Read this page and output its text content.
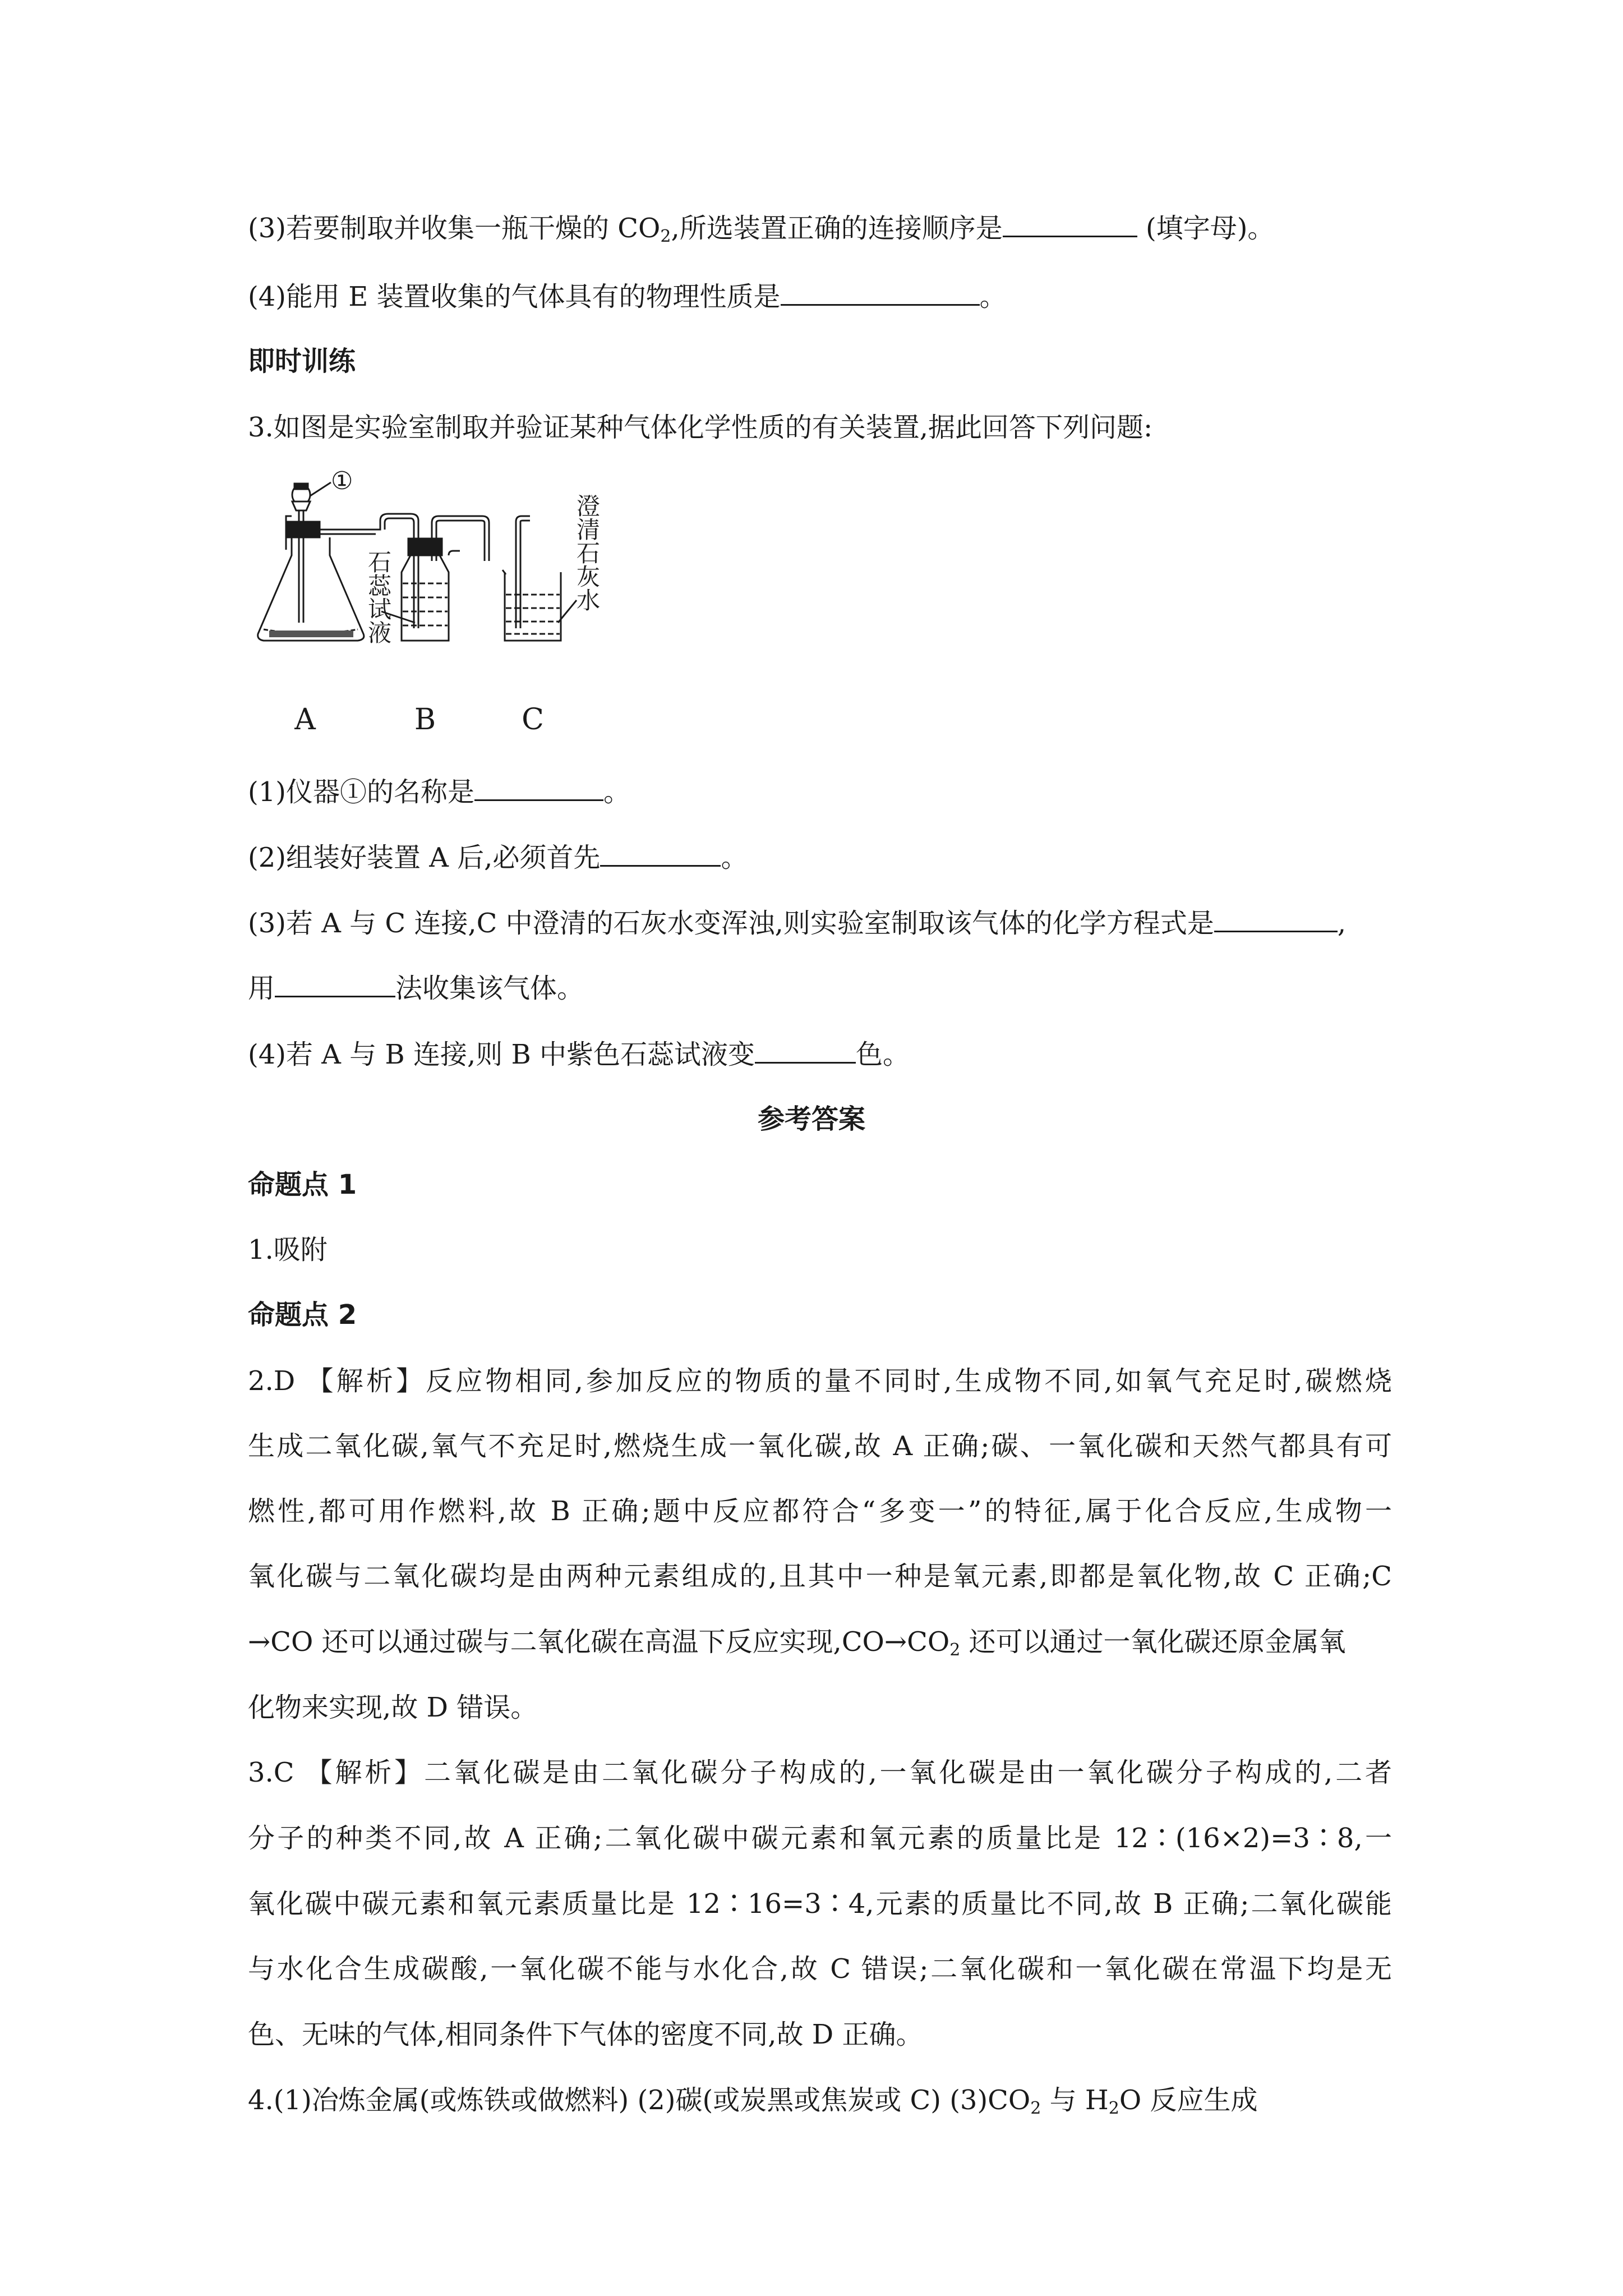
(3)若要制取并收集一瓶干燥的 $CO_2$,所选装置正确的连接顺序是	(填字母)。
(4)能用 E 装置收集的气体具有的物理性质是	。
即时训练
3.如图是实验室制取并验证某种气体化学性质的有关装置,据此回答下列问题:
①
A	B	C
石蕊试液	澄清石灰水
(1)仪器①的名称是	。
(2)组装好装置 A 后,必须首先	。
(3)若 A 与 C 连接,C 中澄清的石灰水变浑浊,则实验室制取该气体的化学方程式是	,
用	法收集该气体。
(4)若 A 与 B 连接,则 B 中紫色石蕊试液变	色。
参考答案
命题点 1
1.吸附
命题点 2
2.D 【解析】反应物相同,参加反应的物质的量不同时,生成物不同,如氧气充足时,碳燃烧
生成二氧化碳,氧气不充足时,燃烧生成一氧化碳,故 A 正确;碳、一氧化碳和天然气都具有可
燃性,都可用作燃料,故 B 正确;题中反应都符合“多变一”的特征,属于化合反应,生成物一
氧化碳与二氧化碳均是由两种元素组成的,且其中一种是氧元素,即都是氧化物,故 C 正确;C
→CO 还可以通过碳与二氧化碳在高温下反应实现$,CO\to CO_2$ 还可以通过一氧化碳还原金属氧
化物来实现,故 D 错误。
3.C 【解析】二氧化碳是由二氧化碳分子构成的,一氧化碳是由一氧化碳分子构成的,二者
分子的种类不同,故 A 正确;二氧化碳中碳元素和氧元素的质量比是 12∶(16×2)=3∶8,一
氧化碳中碳元素和氧元素质量比是 12∶16=3∶4,元素的质量比不同,故 B 正确;二氧化碳能
与水化合生成碳酸,一氧化碳不能与水化合,故 C 错误;二氧化碳和一氧化碳在常温下均是无
色、无味的气体,相同条件下气体的密度不同,故 D 正确。
4.(1)冶炼金属(或炼铁或做燃料) (2)碳(或炭黑或焦炭或 C) $(3)CO_2$ 与 $H_2O$ 反应生成
